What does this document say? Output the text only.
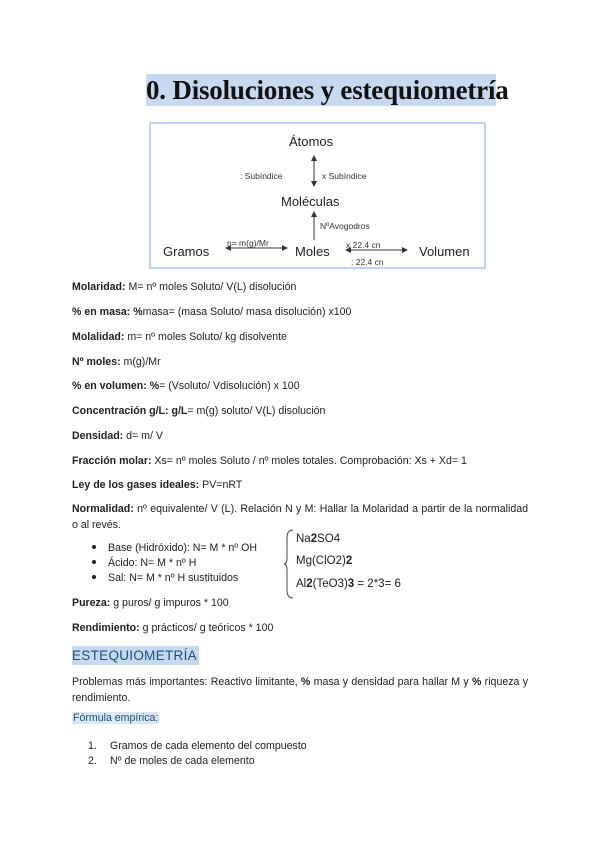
0. Disoluciones y estequiometría
Átomos
: Subíndice	x Subíndice
Moléculas
NºAvogodros
n= m(g)/Mr	x 22.4 cn
Gramos	Moles	Volumen
: 22.4 cn
Molaridad: M= nº moles Soluto/ V(L) disolución
% en masa: %masa= (masa Soluto/ masa disolución) x100
Molalidad: m= nº moles Soluto/ kg disolvente
Nº moles: m(g)/Mr
% en volumen: %= (Vsoluto/ Vdisolución) x 100
Concentración g/L: g/L= m(g) soluto/ V(L) disolución
Densidad: d= m/ V
Fracción molar: Xs= nº moles Soluto / nº moles totales. Comprobación: Xs + Xd= 1
Ley de los gases ideales: PV=nRT
Normalidad: nº equivalente/ V (L). Relación N y M: Hallar la Molaridad a partir de la normalidad o al revés.
Base (Hidróxido): N= M * nº OH
Ácido: N= M * nº H
Sal: N= M * nº H sustituidos
Na2SO4
Mg(ClO2)2
Al2(TeO3)3 = 2*3= 6
Pureza: g puros/ g impuros * 100
Rendimiento: g prácticos/ g teóricos * 100
ESTEQUIOMETRÍA
Problemas más importantes: Reactivo limitante, % masa y densidad para hallar M y % riqueza y rendimiento.
Fórmula empírica:
1. Gramos de cada elemento del compuesto
2. Nº de moles de cada elemento
